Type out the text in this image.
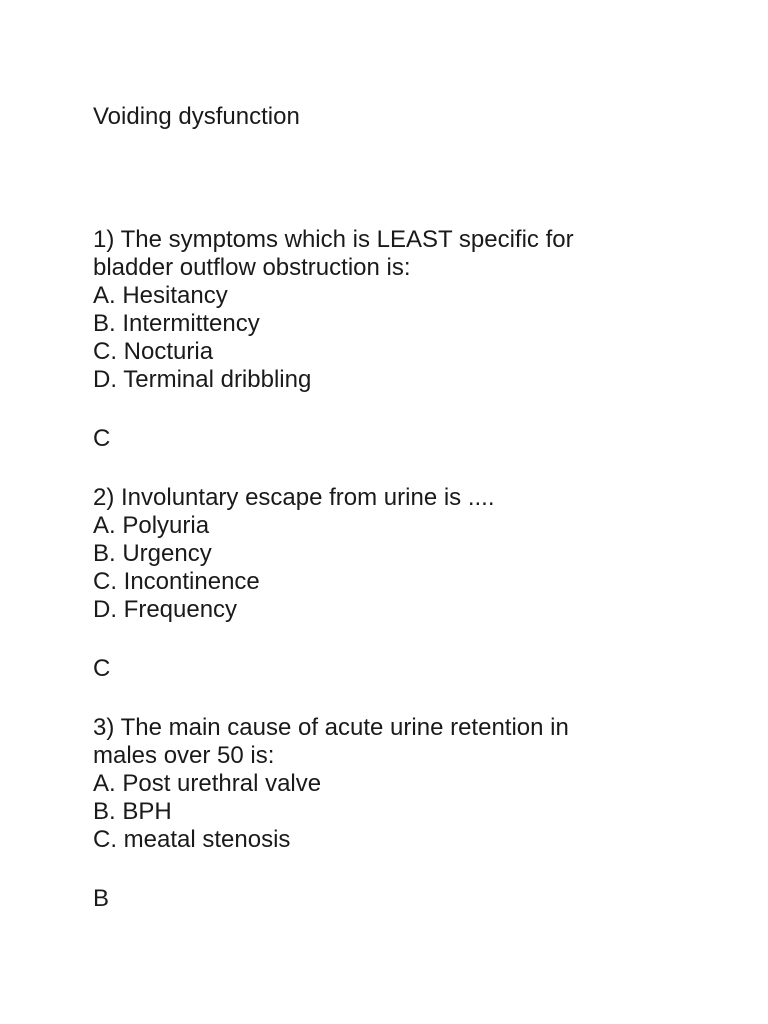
Voiding dysfunction
1) The symptoms which is LEAST specific for
bladder outflow obstruction is:
A. Hesitancy
B. Intermittency
C. Nocturia
D. Terminal dribbling
C
2) Involuntary escape from urine is ....
A. Polyuria
B. Urgency
C. Incontinence
D. Frequency
C
3) The main cause of acute urine retention in
males over 50 is:
A. Post urethral valve
B. BPH
C. meatal stenosis
B
